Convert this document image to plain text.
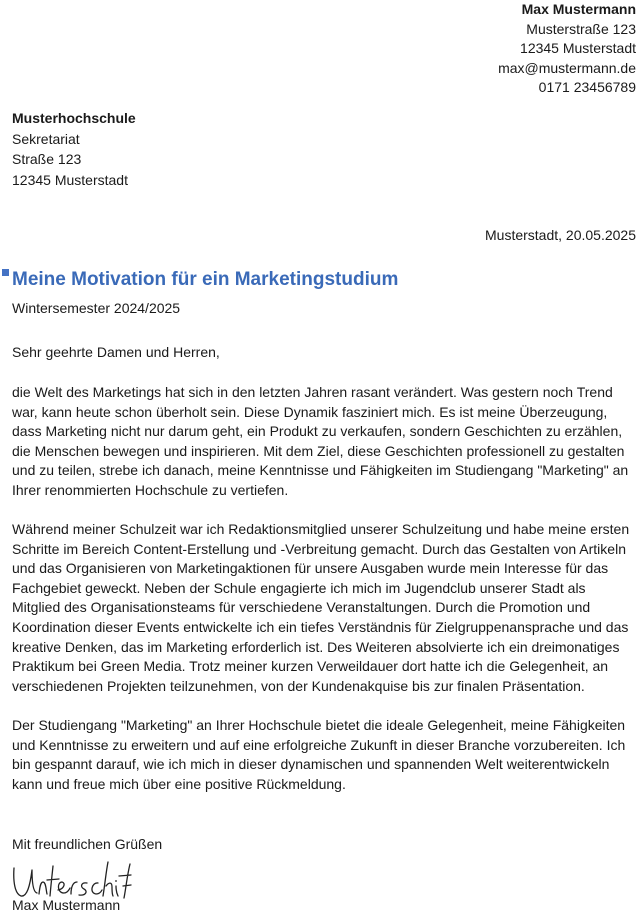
Max Mustermann
Musterstraße 123
12345 Musterstadt
max@mustermann.de
0171 23456789
Musterhochschule
Sekretariat
Straße 123
12345 Musterstadt
Musterstadt, 20.05.2025
Meine Motivation für ein Marketingstudium
Wintersemester 2024/2025
Sehr geehrte Damen und Herren,

die Welt des Marketings hat sich in den letzten Jahren rasant verändert. Was gestern noch Trend war, kann heute schon überholt sein. Diese Dynamik fasziniert mich. Es ist meine Überzeugung, dass Marketing nicht nur darum geht, ein Produkt zu verkaufen, sondern Geschichten zu erzählen, die Menschen bewegen und inspirieren. Mit dem Ziel, diese Geschichten professionell zu gestalten und zu teilen, strebe ich danach, meine Kenntnisse und Fähigkeiten im Studiengang "Marketing" an Ihrer renommierten Hochschule zu vertiefen.

Während meiner Schulzeit war ich Redaktionsmitglied unserer Schulzeitung und habe meine ersten Schritte im Bereich Content-Erstellung und -Verbreitung gemacht. Durch das Gestalten von Artikeln und das Organisieren von Marketingaktionen für unsere Ausgaben wurde mein Interesse für das Fachgebiet geweckt. Neben der Schule engagierte ich mich im Jugendclub unserer Stadt als Mitglied des Organisationsteams für verschiedene Veranstaltungen. Durch die Promotion und Koordination dieser Events entwickelte ich ein tiefes Verständnis für Zielgruppenansprache und das kreative Denken, das im Marketing erforderlich ist. Des Weiteren absolvierte ich ein dreimonatiges Praktikum bei Green Media. Trotz meiner kurzen Verweildauer dort hatte ich die Gelegenheit, an verschiedenen Projekten teilzunehmen, von der Kundenakquise bis zur finalen Präsentation.

Der Studiengang "Marketing" an Ihrer Hochschule bietet die ideale Gelegenheit, meine Fähigkeiten und Kenntnisse zu erweitern und auf eine erfolgreiche Zukunft in dieser Branche vorzubereiten. Ich bin gespannt darauf, wie ich mich in dieser dynamischen und spannenden Welt weiterentwickeln kann und freue mich über eine positive Rückmeldung.

Mit freundlichen Grüßen
Max Mustermann
